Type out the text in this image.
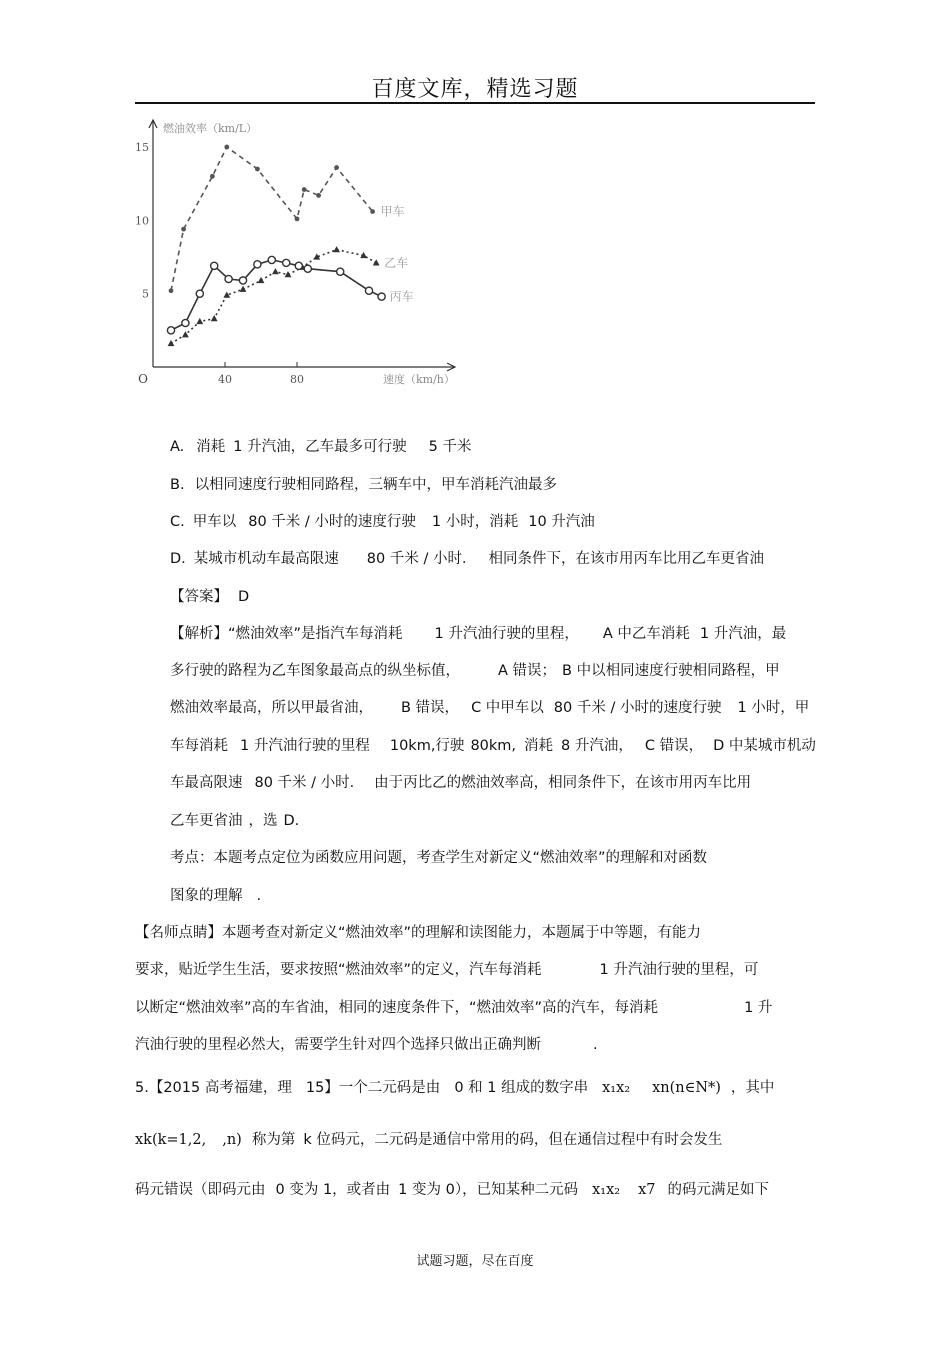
百度文库，精选习题
燃油效率（km/L）
速度（km/h）
O
5
10
15
40	80
甲车
乙车
丙车
A. 消耗 1 升汽油，乙车最多可行驶 5 千米
B. 以相同速度行驶相同路程，三辆车中，甲车消耗汽油最多
C. 甲车以 80 千米 / 小时的速度行驶 1 小时，消耗 10 升汽油
D. 某城市机动车最高限速 80 千米 / 小时． 相同条件下，在该市用丙车比用乙车更省油
【答案】 D
【解析】“燃油效率”是指汽车每消耗 1 升汽油行驶的里程， A 中乙车消耗 1 升汽油，最
多行驶的路程为乙车图象最高点的纵坐标值，	A 错误； B 中以相同速度行驶相同路程，甲
燃油效率最高，所以甲最省油， B 错误， C 中甲车以 80 千米 / 小时的速度行驶 1 小时，甲
车每消耗 1 升汽油行驶的里程 10km,行驶 80km, 消耗 8 升汽油， C 错误， D 中某城市机动
车最高限速 80 千米 / 小时． 由于丙比乙的燃油效率高，相同条件下，在该市用丙车比用
乙车更省油 ，选 D.
考点：本题考点定位为函数应用问题，考查学生对新定义“燃油效率”的理解和对函数
图象的理解 .
【名师点睛】本题考查对新定义“燃油效率”的理解和读图能力，本题属于中等题，有能力
要求，贴近学生生活，要求按照“燃油效率”的定义，汽车每消耗	1 升汽油行驶的里程，可
以断定“燃油效率”高的车省油，相同的速度条件下，“燃油效率”高的汽车，每消耗	1 升
汽油行驶的里程必然大，需要学生针对四个选择只做出正确判断	.
5.【2015 高考福建，理 15】一个二元码是由 0 和 1 组成的数字串 x₁x₂ xn(n∈N*) ，其中
xk(k=1,2, ,n) 称为第 k 位码元，二元码是通信中常用的码，但在通信过程中有时会发生
码元错误（即码元由 0 变为 1，或者由 1 变为 0），已知某种二元码 x₁x₂ x7 的码元满足如下
试题习题，尽在百度
